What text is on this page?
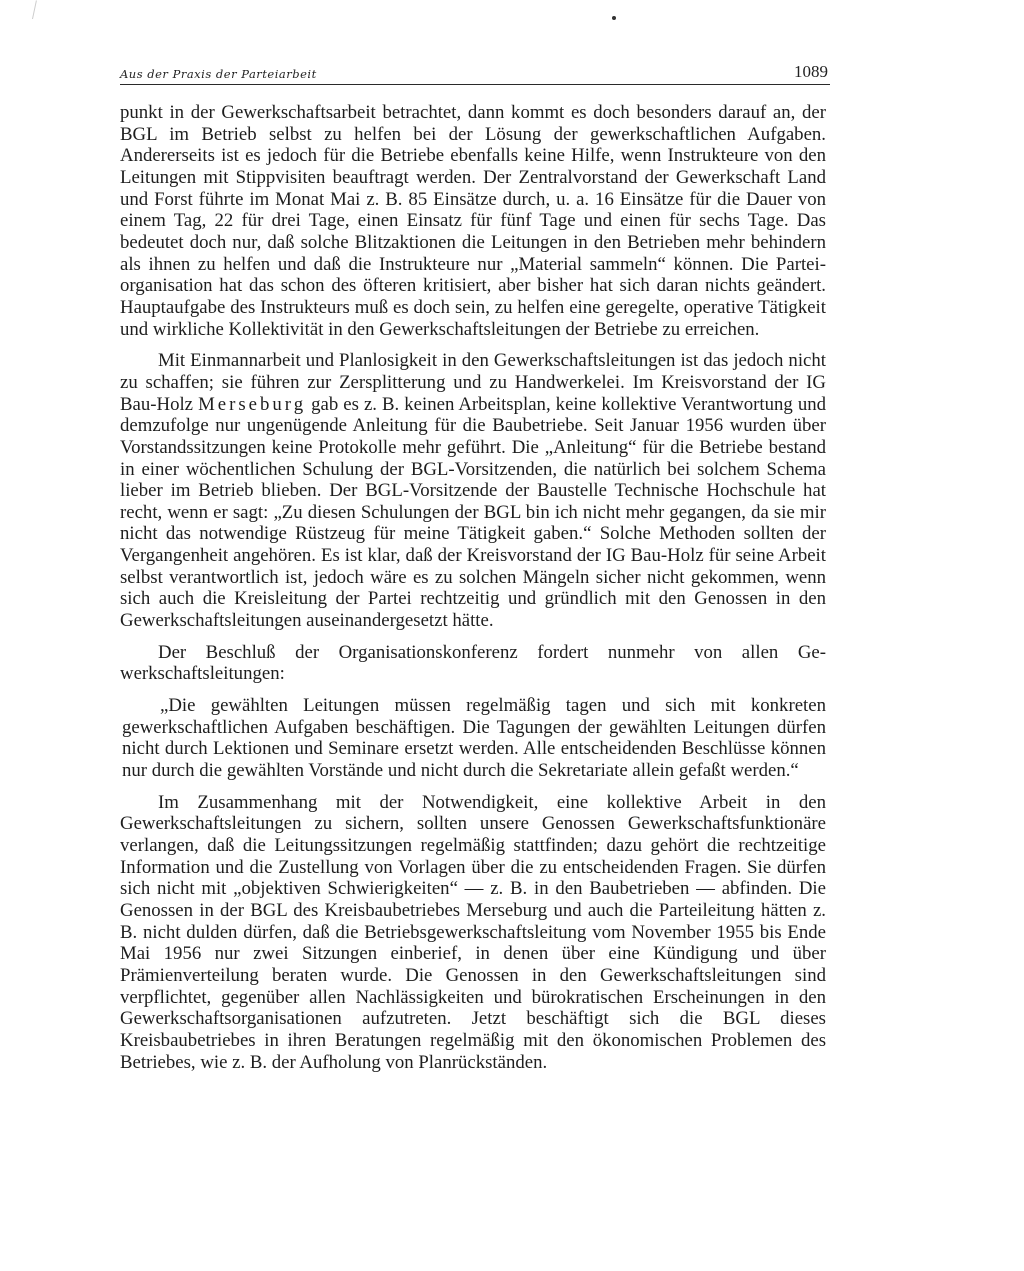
Aus der Praxis der Parteiarbeit	1089

punkt in der Gewerkschaftsarbeit betrachtet, dann kommt es doch besonders darauf an, der BGL im Betrieb selbst zu helfen bei der Lösung der gewerkschaftlichen Aufgaben. Andererseits ist es jedoch für die Betriebe ebenfalls keine Hilfe, wenn Instrukteure von den Leitungen mit Stippvisiten beauftragt werden. Der Zentralvorstand der Gewerkschaft Land und Forst führte im Monat Mai z. B. 85 Einsätze durch, u. a. 16 Einsätze für die Dauer von einem Tag, 22 für drei Tage, einen Einsatz für fünf Tage und einen für sechs Tage. Das bedeutet doch nur, daß solche Blitzaktionen die Leitungen in den Betrieben mehr behindern als ihnen zu helfen und daß die Instrukteure nur „Material sammeln“ können. Die Parteiorganisation hat das schon des öfteren kritisiert, aber bisher hat sich daran nichts geändert. Hauptaufgabe des Instrukteurs muß es doch sein, zu helfen eine geregelte, operative Tätigkeit und wirkliche Kollektivität in den Gewerkschaftsleitungen der Betriebe zu erreichen.

Mit Einmannarbeit und Planlosigkeit in den Gewerkschaftsleitungen ist das jedoch nicht zu schaffen; sie führen zur Zersplitterung und zu Handwerkelei. Im Kreisvorstand der IG Bau-Holz Merseburg gab es z. B. keinen Arbeitsplan, keine kollektive Verantwortung und demzufolge nur ungenügende Anleitung für die Baubetriebe. Seit Januar 1956 wurden über Vorstandssitzungen keine Protokolle mehr geführt. Die „Anleitung“ für die Betriebe bestand in einer wöchentlichen Schulung der BGL-Vorsitzenden, die natürlich bei solchem Schema lieber im Betrieb blieben. Der BGL-Vorsitzende der Baustelle Technische Hochschule hat recht, wenn er sagt: „Zu diesen Schulungen der BGL bin ich nicht mehr gegangen, da sie mir nicht das notwendige Rüstzeug für meine Tätigkeit gaben.“ Solche Methoden sollten der Vergangenheit angehören. Es ist klar, daß der Kreisvorstand der IG Bau-Holz für seine Arbeit selbst verantwortlich ist, jedoch wäre es zu solchen Mängeln sicher nicht gekommen, wenn sich auch die Kreisleitung der Partei rechtzeitig und gründlich mit den Genossen in den Gewerkschaftsleitungen auseinandergesetzt hätte.

Der Beschluß der Organisationskonferenz fordert nunmehr von allen Gewerkschaftsleitungen:

„Die gewählten Leitungen müssen regelmäßig tagen und sich mit konkreten gewerkschaftlichen Aufgaben beschäftigen. Die Tagungen der gewählten Leitungen dürfen nicht durch Lektionen und Seminare ersetzt werden. Alle entscheidenden Beschlüsse können nur durch die gewählten Vorstände und nicht durch die Sekretariate allein gefaßt werden.“

Im Zusammenhang mit der Notwendigkeit, eine kollektive Arbeit in den Gewerkschaftsleitungen zu sichern, sollten unsere Genossen Gewerkschaftsfunktionäre verlangen, daß die Leitungssitzungen regelmäßig stattfinden; dazu gehört die rechtzeitige Information und die Zustellung von Vorlagen über die zu entscheidenden Fragen. Sie dürfen sich nicht mit „objektiven Schwierigkeiten“ — z. B. in den Baubetrieben — abfinden. Die Genossen in der BGL des Kreisbaubetriebes Merseburg und auch die Parteileitung hätten z. B. nicht dulden dürfen, daß die Betriebsgewerkschaftsleitung vom November 1955 bis Ende Mai 1956 nur zwei Sitzungen einberief, in denen über eine Kündigung und über Prämienverteilung beraten wurde. Die Genossen in den Gewerkschaftsleitungen sind verpflichtet, gegenüber allen Nachlässigkeiten und bürokratischen Erscheinungen in den Gewerkschaftsorganisationen aufzutreten. Jetzt beschäftigt sich die BGL dieses Kreisbaubetriebes in ihren Beratungen regelmäßig mit den ökonomischen Problemen des Betriebes, wie z. B. der Aufholung von Planrückständen.
